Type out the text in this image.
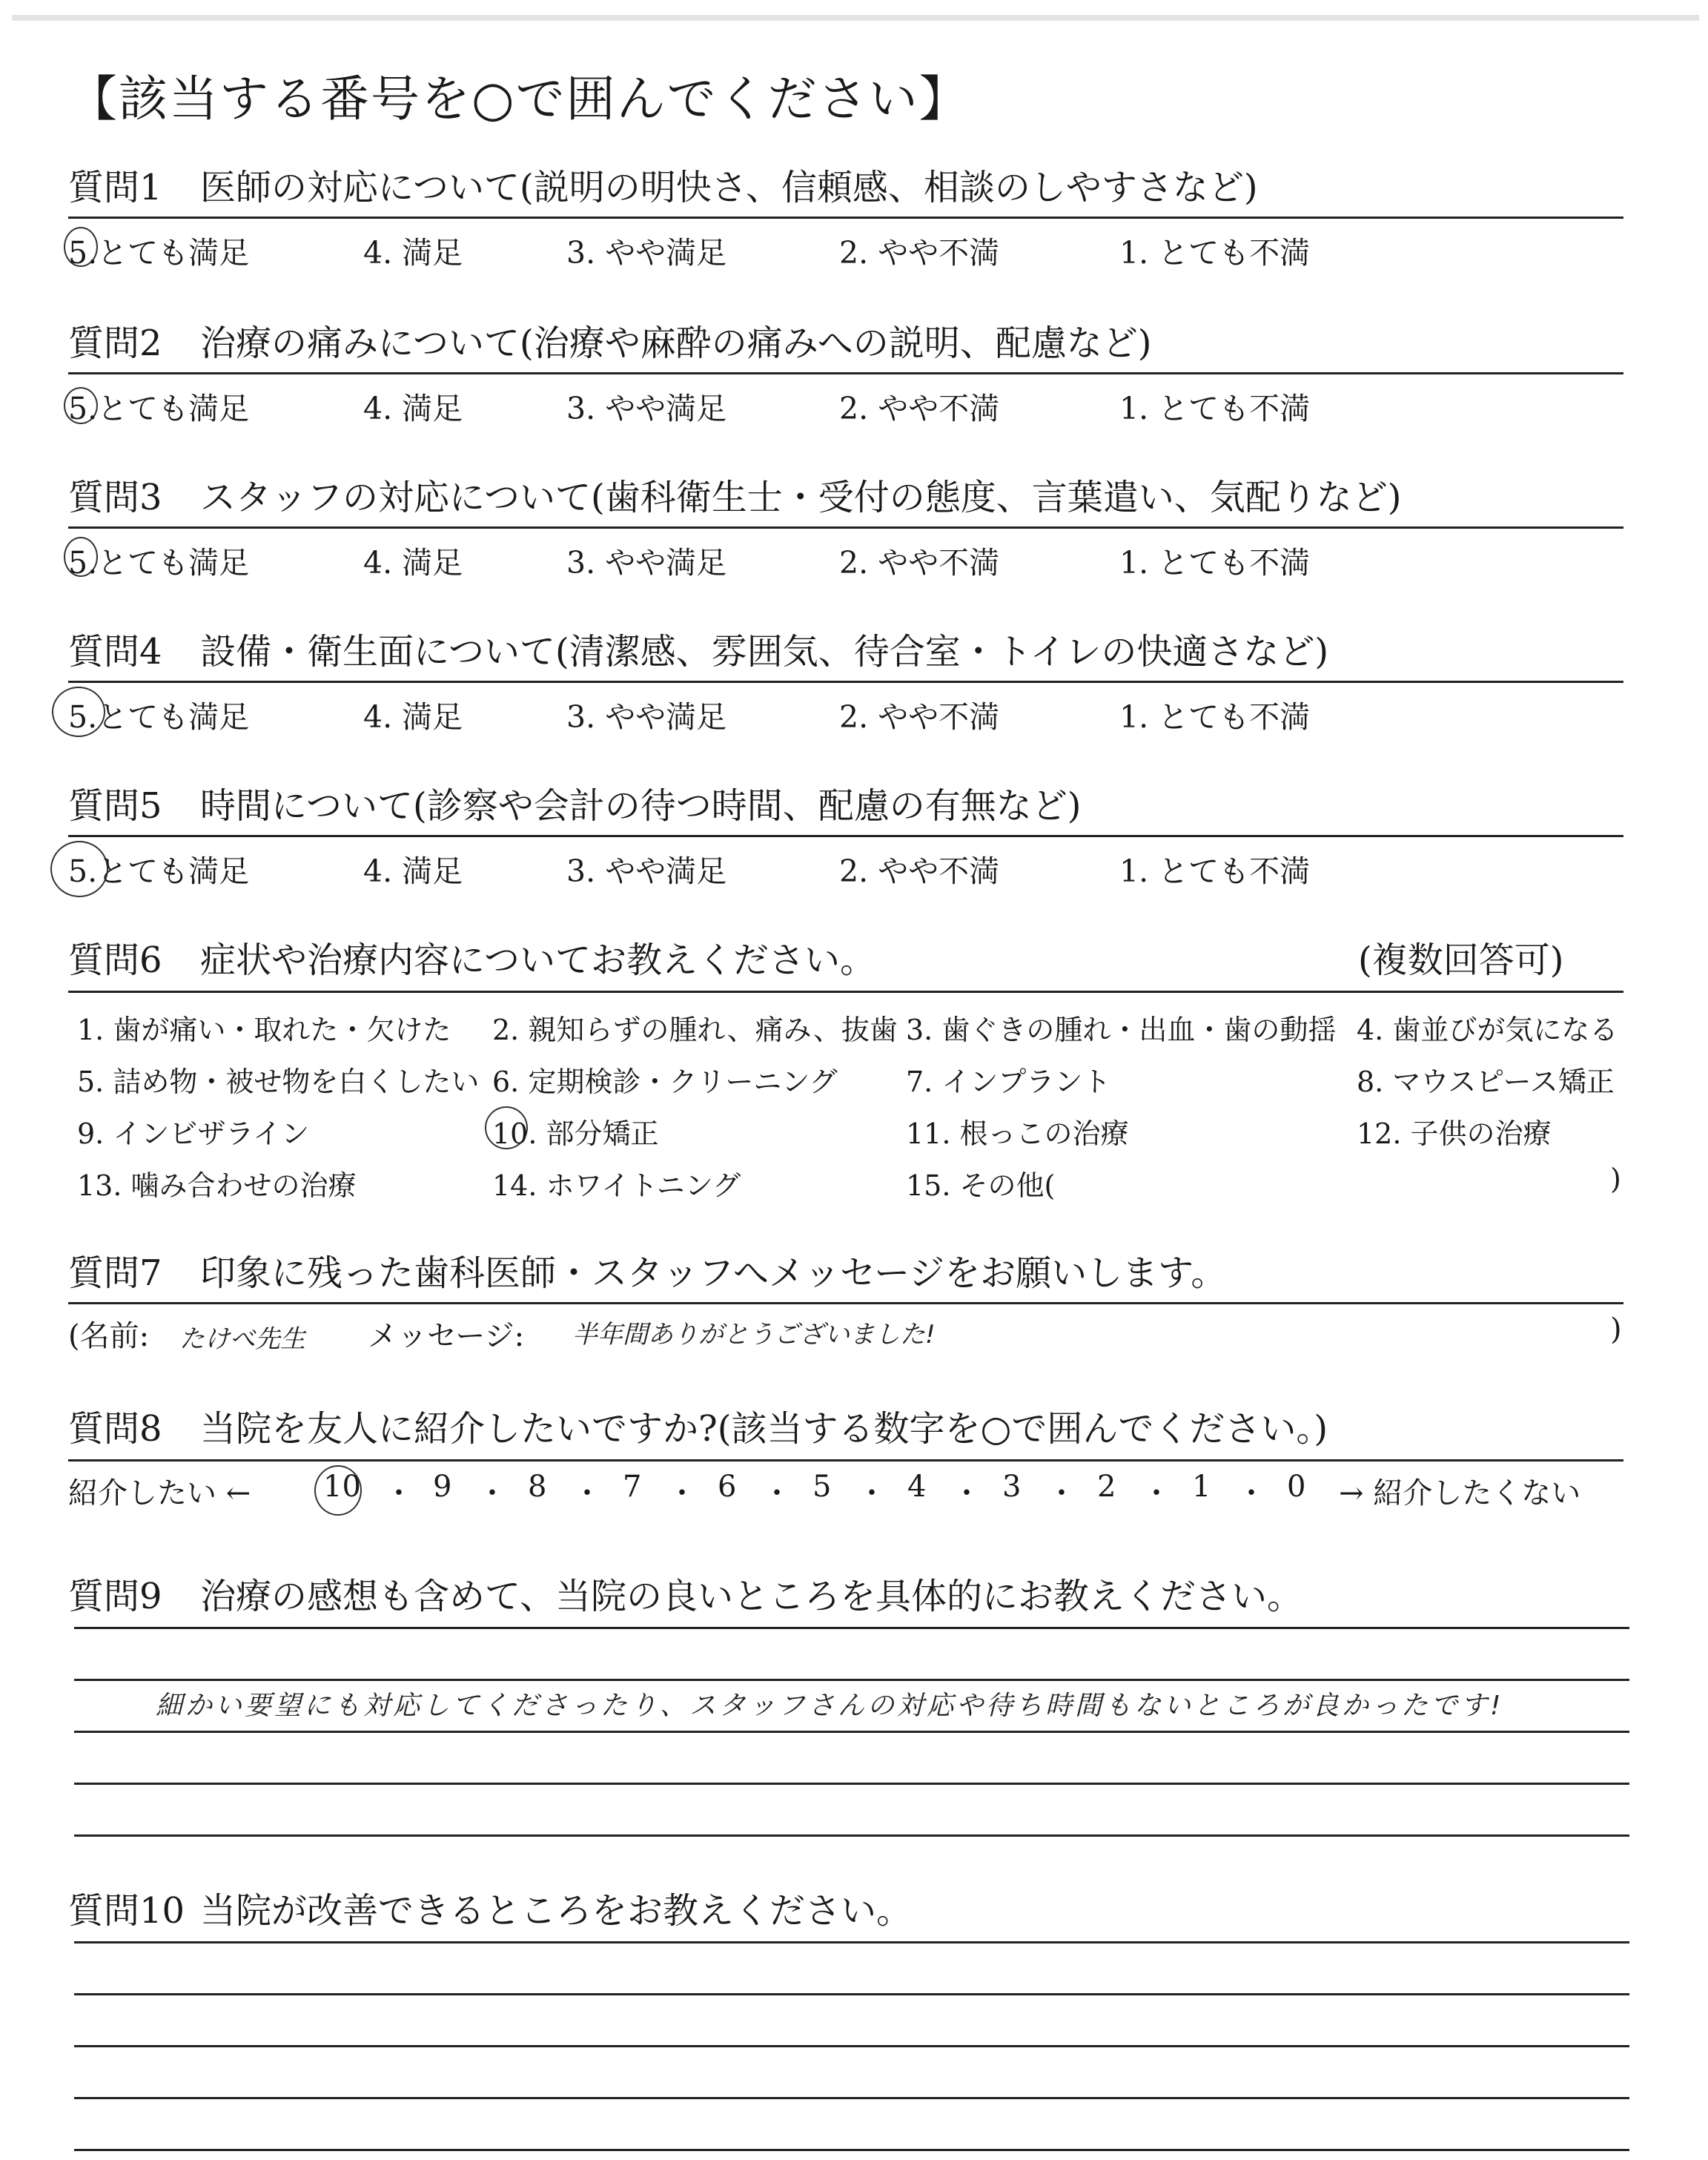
【該当する番号を○で囲んでください】
質問1 医師の対応について(説明の明快さ、信頼感、相談のしやすさなど)
5.とても満足	4. 満足	3. やや満足	2. やや不満	1. とても不満
質問2 治療の痛みについて(治療や麻酔の痛みへの説明、配慮など)
5.とても満足	4. 満足	3. やや満足	2. やや不満	1. とても不満
質問3 スタッフの対応について(歯科衛生士・受付の態度、言葉遣い、気配りなど)
5.とても満足	4. 満足	3. やや満足	2. やや不満	1. とても不満
質問4 設備・衛生面について(清潔感、雰囲気、待合室・トイレの快適さなど)
5.とても満足	4. 満足	3. やや満足	2. やや不満	1. とても不満
質問5 時間について(診察や会計の待つ時間、配慮の有無など)
5.とても満足	4. 満足	3. やや満足	2. やや不満	1. とても不満
質問6 症状や治療内容についてお教えください。	(複数回答可)
1. 歯が痛い・取れた・欠けた 2. 親知らずの腫れ、痛み、抜歯 3. 歯ぐきの腫れ・出血・歯の動揺 4. 歯並びが気になる
5. 詰め物・被せ物を白くしたい 6. 定期検診・クリーニング 7. インプラント	8. マウスピース矯正
9. インビザライン	10. 部分矯正	11. 根っこの治療	12. 子供の治療
13. 噛み合わせの治療	14. ホワイトニング	15. その他(	)
質問7 印象に残った歯科医師・スタッフへメッセージをお願いします。
(名前: たけべ先生 メッセージ: 半年間ありがとうございました!	)
質問8 当院を友人に紹介したいですか?(該当する数字を○で囲んでください。)
紹介したい ← 10 ・ 9 ・ 8 ・ 7 ・ 6 ・ 5 ・ 4 ・ 3 ・ 2 ・ 1 ・ 0 → 紹介したくない
質問9 治療の感想も含めて、当院の良いところを具体的にお教えください。
細かい要望にも対応してくださったり、スタッフさんの対応や待ち時間もないところが良かったです!
質問10 当院が改善できるところをお教えください。
